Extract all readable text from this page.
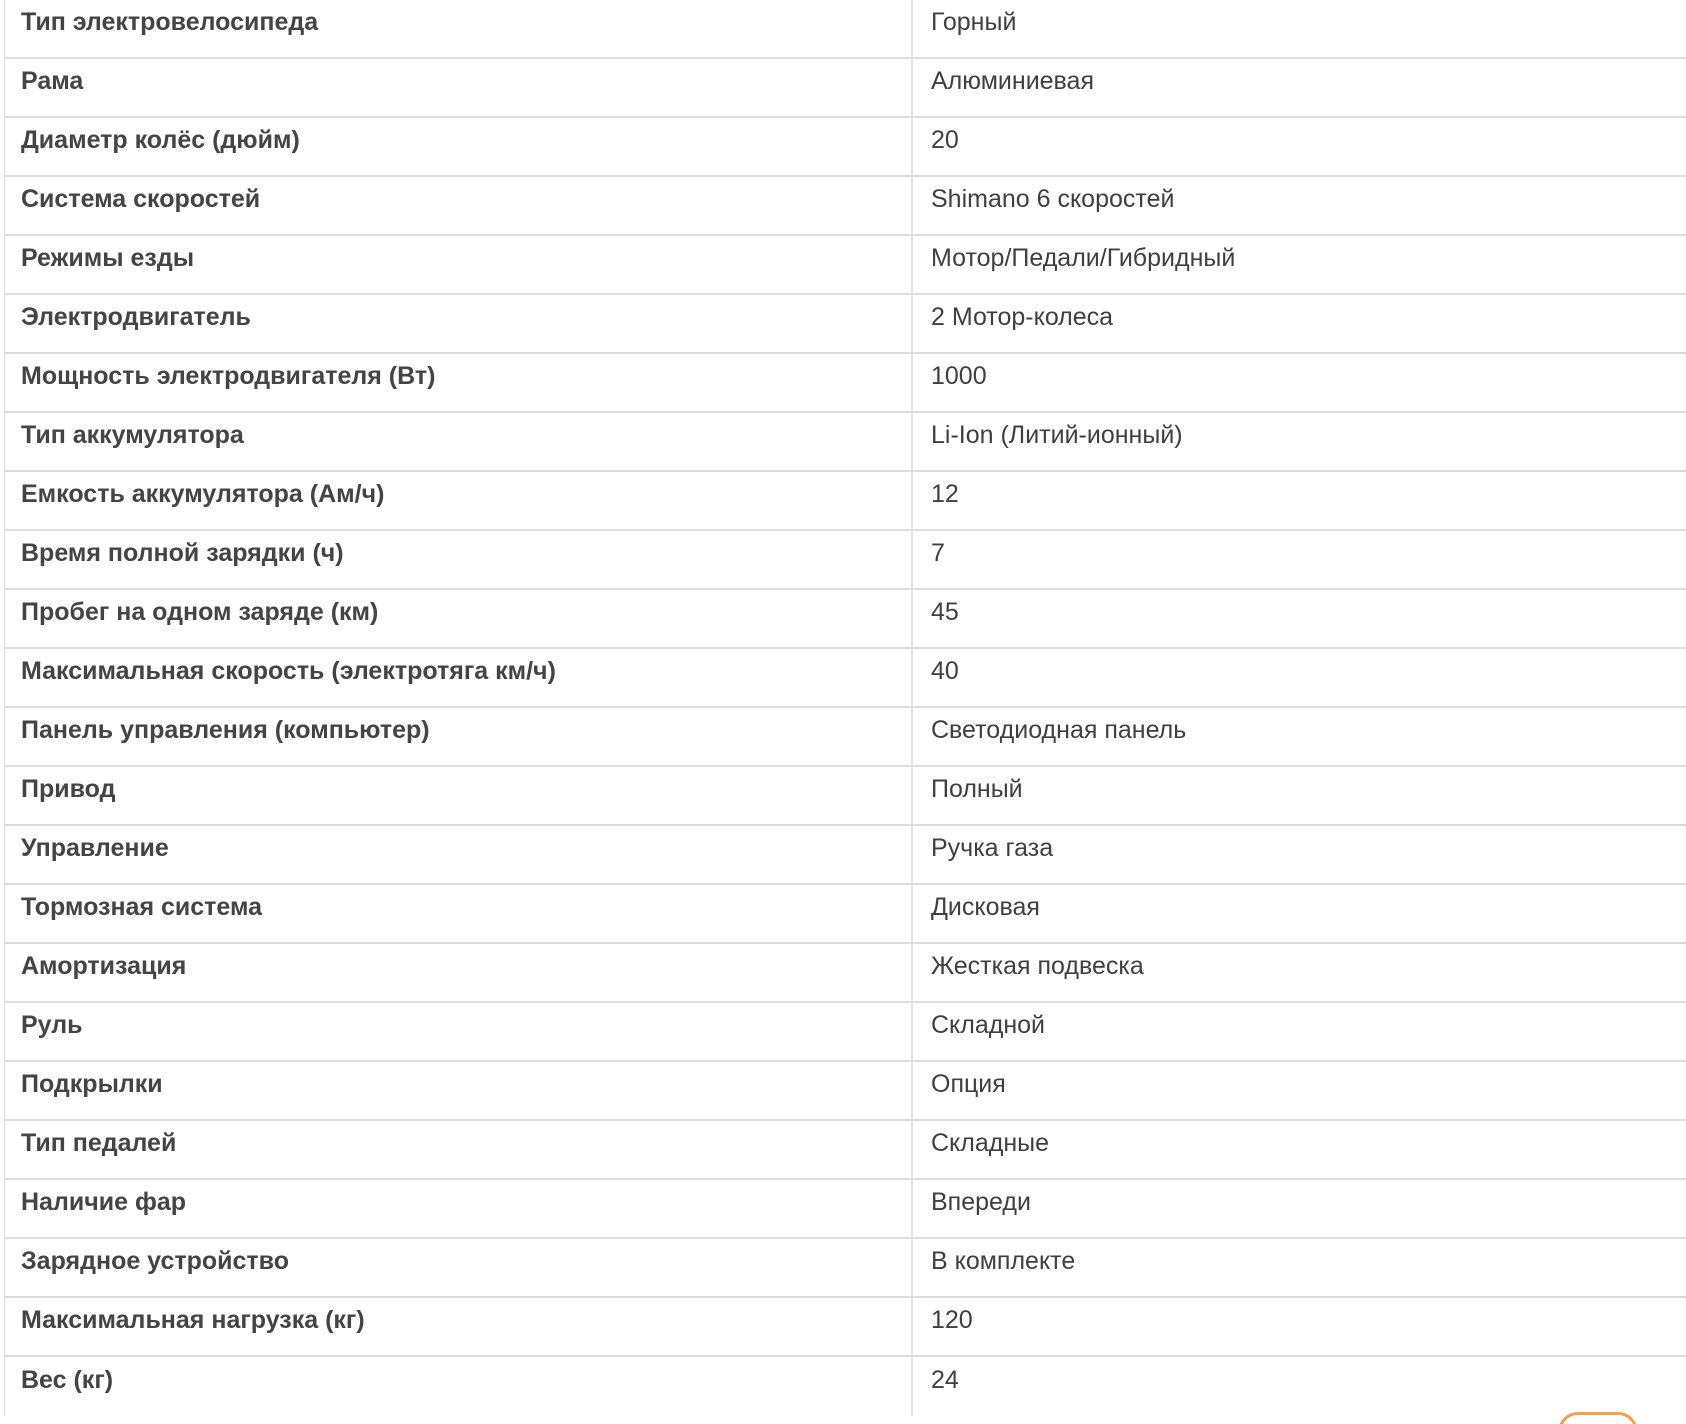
Тип электровелосипеда	Горный
Рама	Алюминиевая
Диаметр колёс (дюйм)	20
Система скоростей	Shimano 6 скоростей
Режимы езды	Мотор/Педали/Гибридный
Электродвигатель	2 Мотор-колеса
Мощность электродвигателя (Вт)	1000
Тип аккумулятора	Li-Ion (Литий-ионный)
Емкость аккумулятора (Ам/ч)	12
Время полной зарядки (ч)	7
Пробег на одном заряде (км)	45
Максимальная скорость (электротяга км/ч)	40
Панель управления (компьютер)	Светодиодная панель
Привод	Полный
Управление	Ручка газа
Тормозная система	Дисковая
Амортизация	Жесткая подвеска
Руль	Складной
Подкрылки	Опция
Тип педалей	Складные
Наличие фар	Впереди
Зарядное устройство	В комплекте
Максимальная нагрузка (кг)	120
Вес (кг)	24
